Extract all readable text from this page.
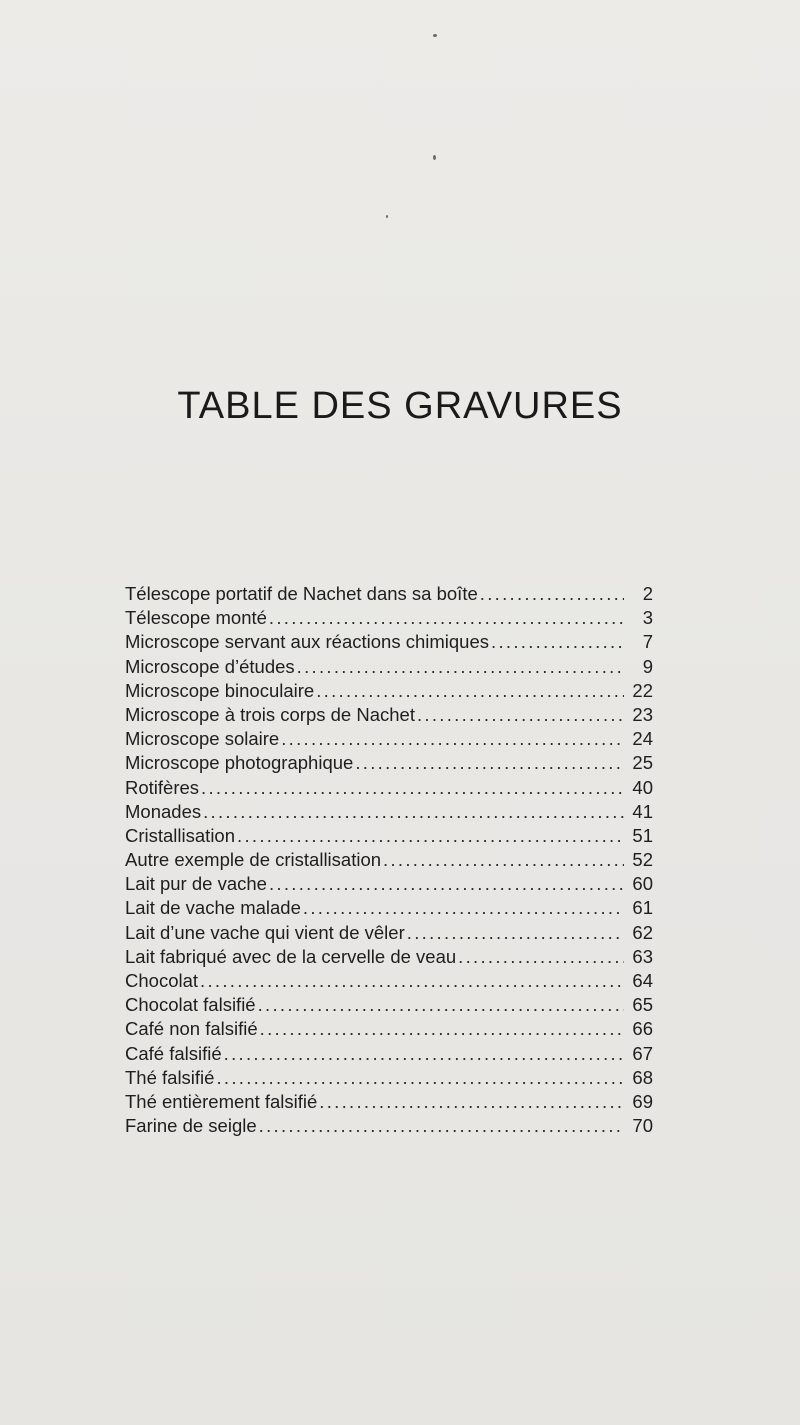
TABLE DES GRAVURES
Télescope portatif de Nachet dans sa boîte .....	2
Télescope monté .....	3
Microscope servant aux réactions chimiques .....	7
Microscope d’études .....	9
Microscope binoculaire .....	22
Microscope à trois corps de Nachet .....	23
Microscope solaire .....	24
Microscope photographique .....	25
Rotifères .....	40
Monades .....	41
Cristallisation .....	51
Autre exemple de cristallisation .....	52
Lait pur de vache .....	60
Lait de vache malade .....	61
Lait d’une vache qui vient de vêler .....	62
Lait fabriqué avec de la cervelle de veau .....	63
Chocolat .....	64
Chocolat falsifié .....	65
Café non falsifié .....	66
Café falsifié .....	67
Thé falsifié .....	68
Thé entièrement falsifié .....	69
Farine de seigle .....	70
